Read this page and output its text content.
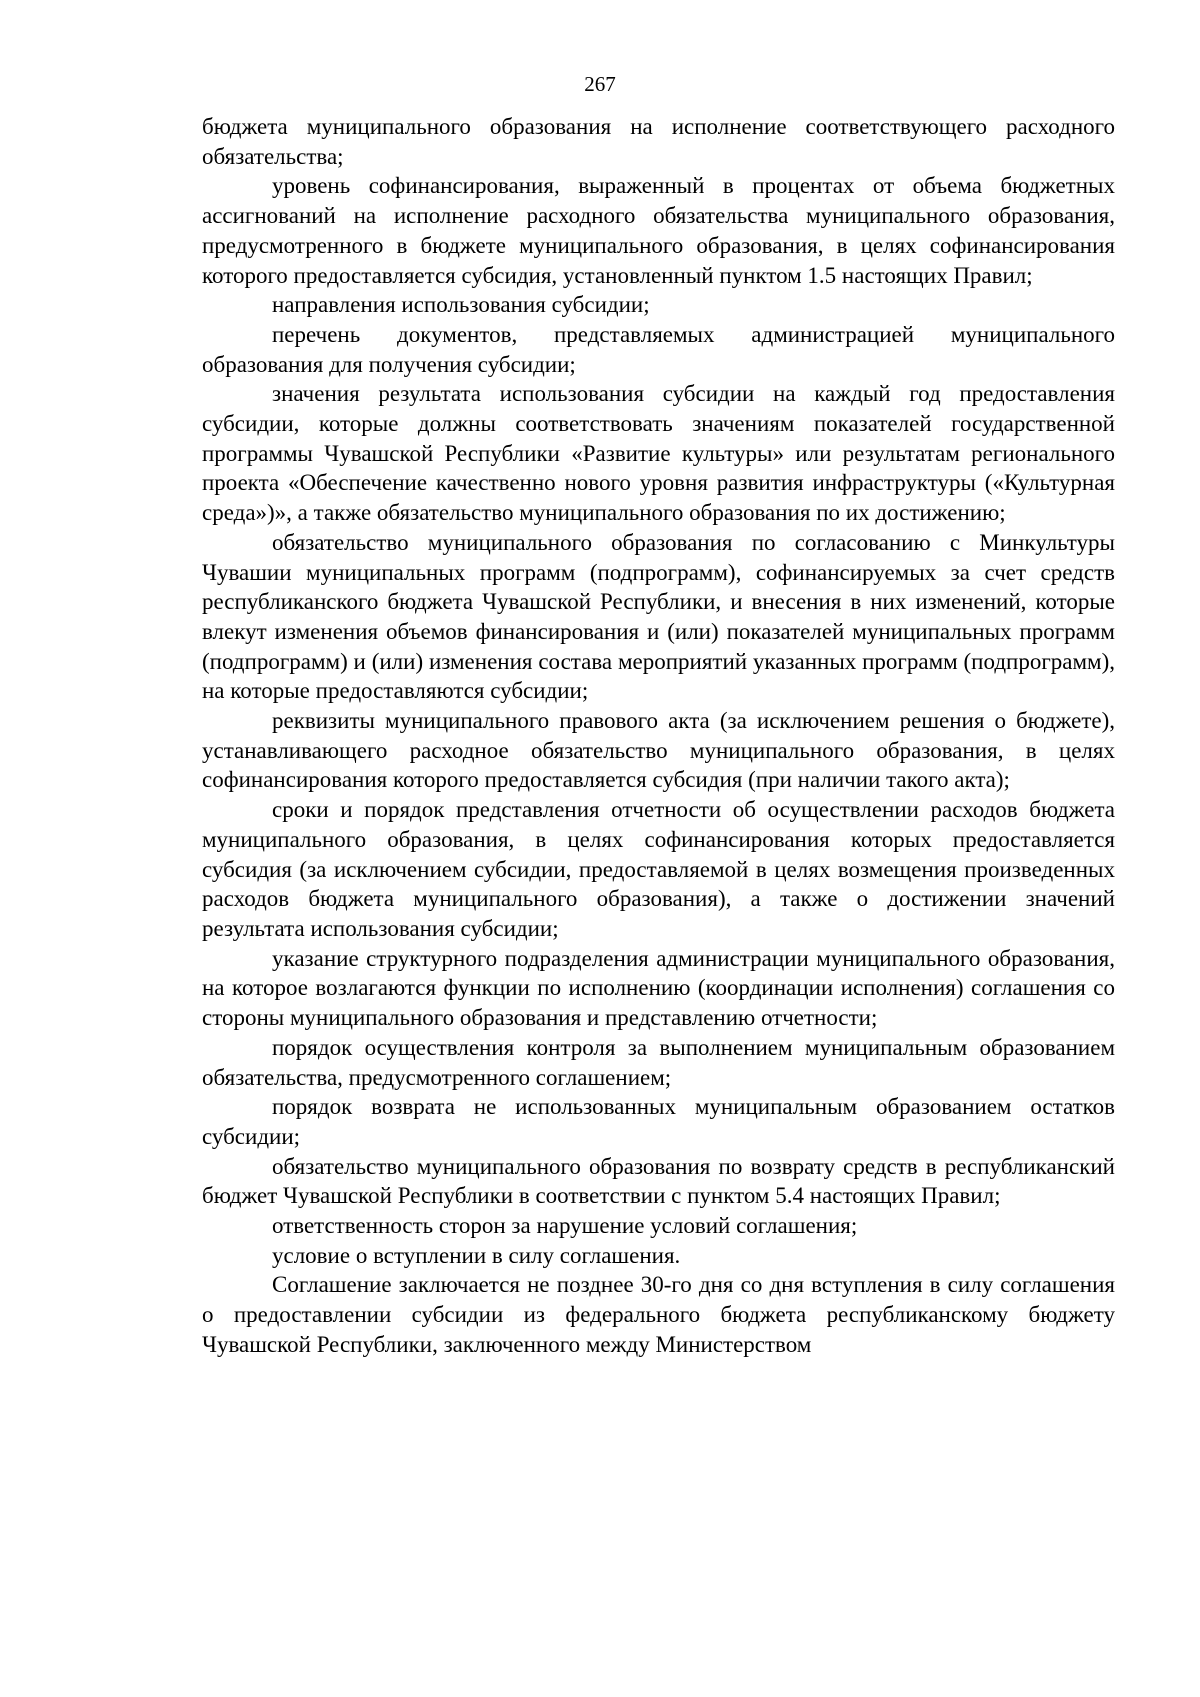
267

бюджета муниципального образования на исполнение соответствующего расходного обязательства;

уровень софинансирования, выраженный в процентах от объема бюджетных ассигнований на исполнение расходного обязательства муниципального образования, предусмотренного в бюджете муниципального образования, в целях софинансирования которого предоставляется субсидия, установленный пунктом 1.5 настоящих Правил;

направления использования субсидии;

перечень документов, представляемых администрацией муниципального образования для получения субсидии;

значения результата использования субсидии на каждый год предоставления субсидии, которые должны соответствовать значениям показателей государственной программы Чувашской Республики «Развитие культуры» или результатам регионального проекта «Обеспечение качественно нового уровня развития инфраструктуры («Культурная среда»)», а также обязательство муниципального образования по их достижению;

обязательство муниципального образования по согласованию с Минкультуры Чувашии муниципальных программ (подпрограмм), софинансируемых за счет средств республиканского бюджета Чувашской Республики, и внесения в них изменений, которые влекут изменения объемов финансирования и (или) показателей муниципальных программ (подпрограмм) и (или) изменения состава мероприятий указанных программ (подпрограмм), на которые предоставляются субсидии;

реквизиты муниципального правового акта (за исключением решения о бюджете), устанавливающего расходное обязательство муниципального образования, в целях софинансирования которого предоставляется субсидия (при наличии такого акта);

сроки и порядок представления отчетности об осуществлении расходов бюджета муниципального образования, в целях софинансирования которых предоставляется субсидия (за исключением субсидии, предоставляемой в целях возмещения произведенных расходов бюджета муниципального образования), а также о достижении значений результата использования субсидии;

указание структурного подразделения администрации муниципального образования, на которое возлагаются функции по исполнению (координации исполнения) соглашения со стороны муниципального образования и представлению отчетности;

порядок осуществления контроля за выполнением муниципальным образованием обязательства, предусмотренного соглашением;

порядок возврата не использованных муниципальным образованием остатков субсидии;

обязательство муниципального образования по возврату средств в республиканский бюджет Чувашской Республики в соответствии с пунктом 5.4 настоящих Правил;

ответственность сторон за нарушение условий соглашения;

условие о вступлении в силу соглашения.

Соглашение заключается не позднее 30-го дня со дня вступления в силу соглашения о предоставлении субсидии из федерального бюджета республиканскому бюджету Чувашской Республики, заключенного между Министерством
